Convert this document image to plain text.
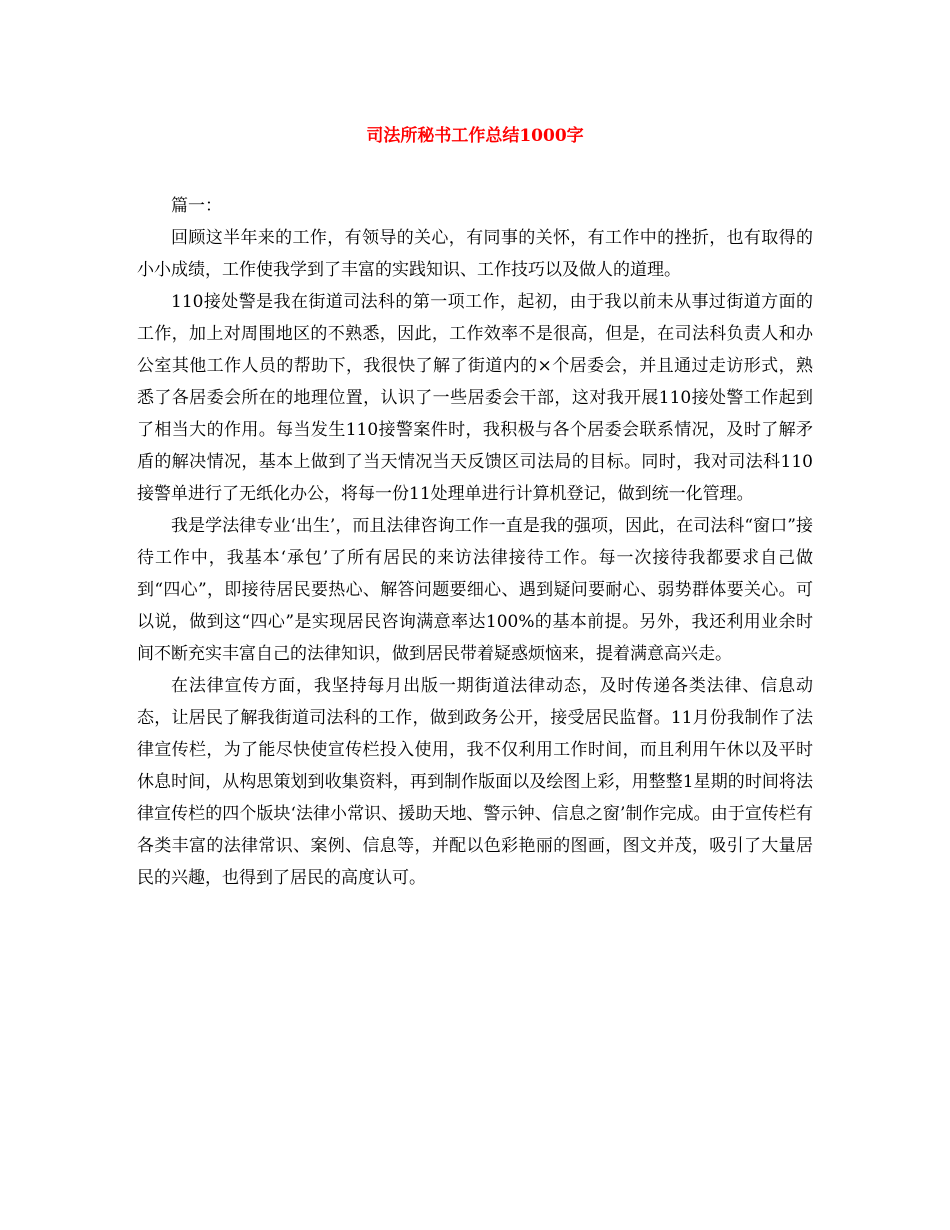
司法所秘书工作总结1000字

篇一：

回顾这半年来的工作，有领导的关心，有同事的关怀，有工作中的挫折，也有取得的小小成绩，工作使我学到了丰富的实践知识、工作技巧以及做人的道理。

110接处警是我在街道司法科的第一项工作，起初，由于我以前未从事过街道方面的工作，加上对周围地区的不熟悉，因此，工作效率不是很高，但是，在司法科负责人和办公室其他工作人员的帮助下，我很快了解了街道内的×个居委会，并且通过走访形式，熟悉了各居委会所在的地理位置，认识了一些居委会干部，这对我开展110接处警工作起到了相当大的作用。每当发生110接警案件时，我积极与各个居委会联系情况，及时了解矛盾的解决情况，基本上做到了当天情况当天反馈区司法局的目标。同时，我对司法科110接警单进行了无纸化办公，将每一份11处理单进行计算机登记，做到统一化管理。

我是学法律专业‘出生’，而且法律咨询工作一直是我的强项，因此，在司法科“窗口”接待工作中，我基本‘承包’了所有居民的来访法律接待工作。每一次接待我都要求自己做到“四心”，即接待居民要热心、解答问题要细心、遇到疑问要耐心、弱势群体要关心。可以说，做到这“四心”是实现居民咨询满意率达100%的基本前提。另外，我还利用业余时间不断充实丰富自己的法律知识，做到居民带着疑惑烦恼来，提着满意高兴走。

在法律宣传方面，我坚持每月出版一期街道法律动态，及时传递各类法律、信息动态，让居民了解我街道司法科的工作，做到政务公开，接受居民监督。11月份我制作了法律宣传栏，为了能尽快使宣传栏投入使用，我不仅利用工作时间，而且利用午休以及平时休息时间，从构思策划到收集资料，再到制作版面以及绘图上彩，用整整1星期的时间将法律宣传栏的四个版块‘法律小常识、援助天地、警示钟、信息之窗’制作完成。由于宣传栏有各类丰富的法律常识、案例、信息等，并配以色彩艳丽的图画，图文并茂，吸引了大量居民的兴趣，也得到了居民的高度认可。
